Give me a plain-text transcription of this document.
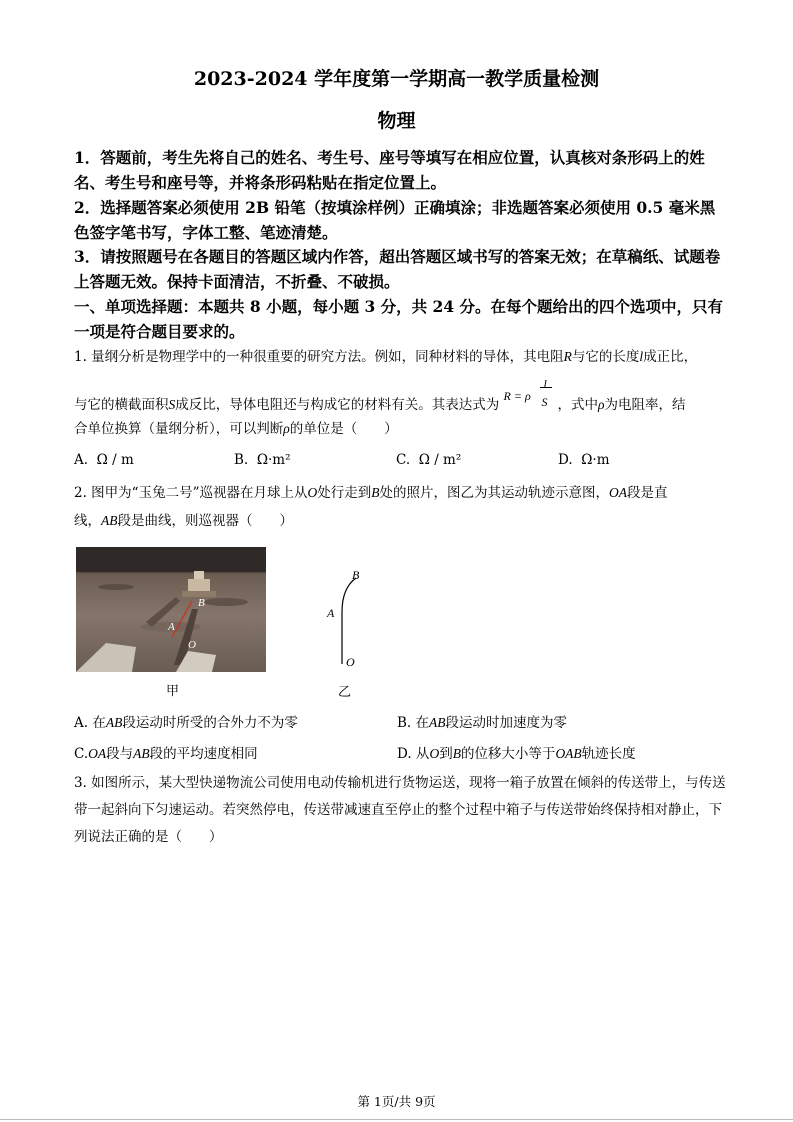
2023-2024 学年度第一学期高一教学质量检测
物理

1．答题前，考生先将自己的姓名、考生号、座号等填写在相应位置，认真核对条形码上的姓名、考生号和座号等，并将条形码粘贴在指定位置上。

2．选择题答案必须使用 2B 铅笔（按填涂样例）正确填涂；非选题答案必须使用 0.5 毫米黑色签字笔书写，字体工整、笔迹清楚。

3．请按照题号在各题目的答题区域内作答，超出答题区域书写的答案无效；在草稿纸、试题卷上答题无效。保持卡面清洁，不折叠、不破损。

一、单项选择题：本题共 8 小题，每小题 3 分，共 24 分。在每个题给出的四个选项中，只有一项是符合题目要求的。

1. 量纲分析是物理学中的一种很重要的研究方法。例如，同种材料的导体，其电阻R与它的长度l成正比，
与它的横截面积S成反比，导体电阻还与构成它的材料有关。其表达式为
R = ρ
l
S ，式中ρ为电阻率，结
合单位换算（量纲分析），可以判断ρ的单位是（　　）
A. Ω / m	B. Ω·m²	C. Ω / m²	D. Ω·m
2. 图甲为“玉兔二号”巡视器在月球上从O处行走到B处的照片，图乙为其运动轨迹示意图，OA段是直
线，AB段是曲线，则巡视器（　　）
B
A
O
甲
B
A
O
乙
A. 在AB段运动时所受的合外力不为零	B. 在AB段运动时加速度为零
C.OA段与AB段的平均速度相同	D. 从O到B的位移大小等于OAB轨迹长度

3. 如图所示，某大型快递物流公司使用电动传输机进行货物运送，现将一箱子放置在倾斜的传送带上，与传送带一起斜向下匀速运动。若突然停电，传送带减速直至停止的整个过程中箱子与传送带始终保持相对静止，下列说法正确的是（　　）

第 1页/共 9页
